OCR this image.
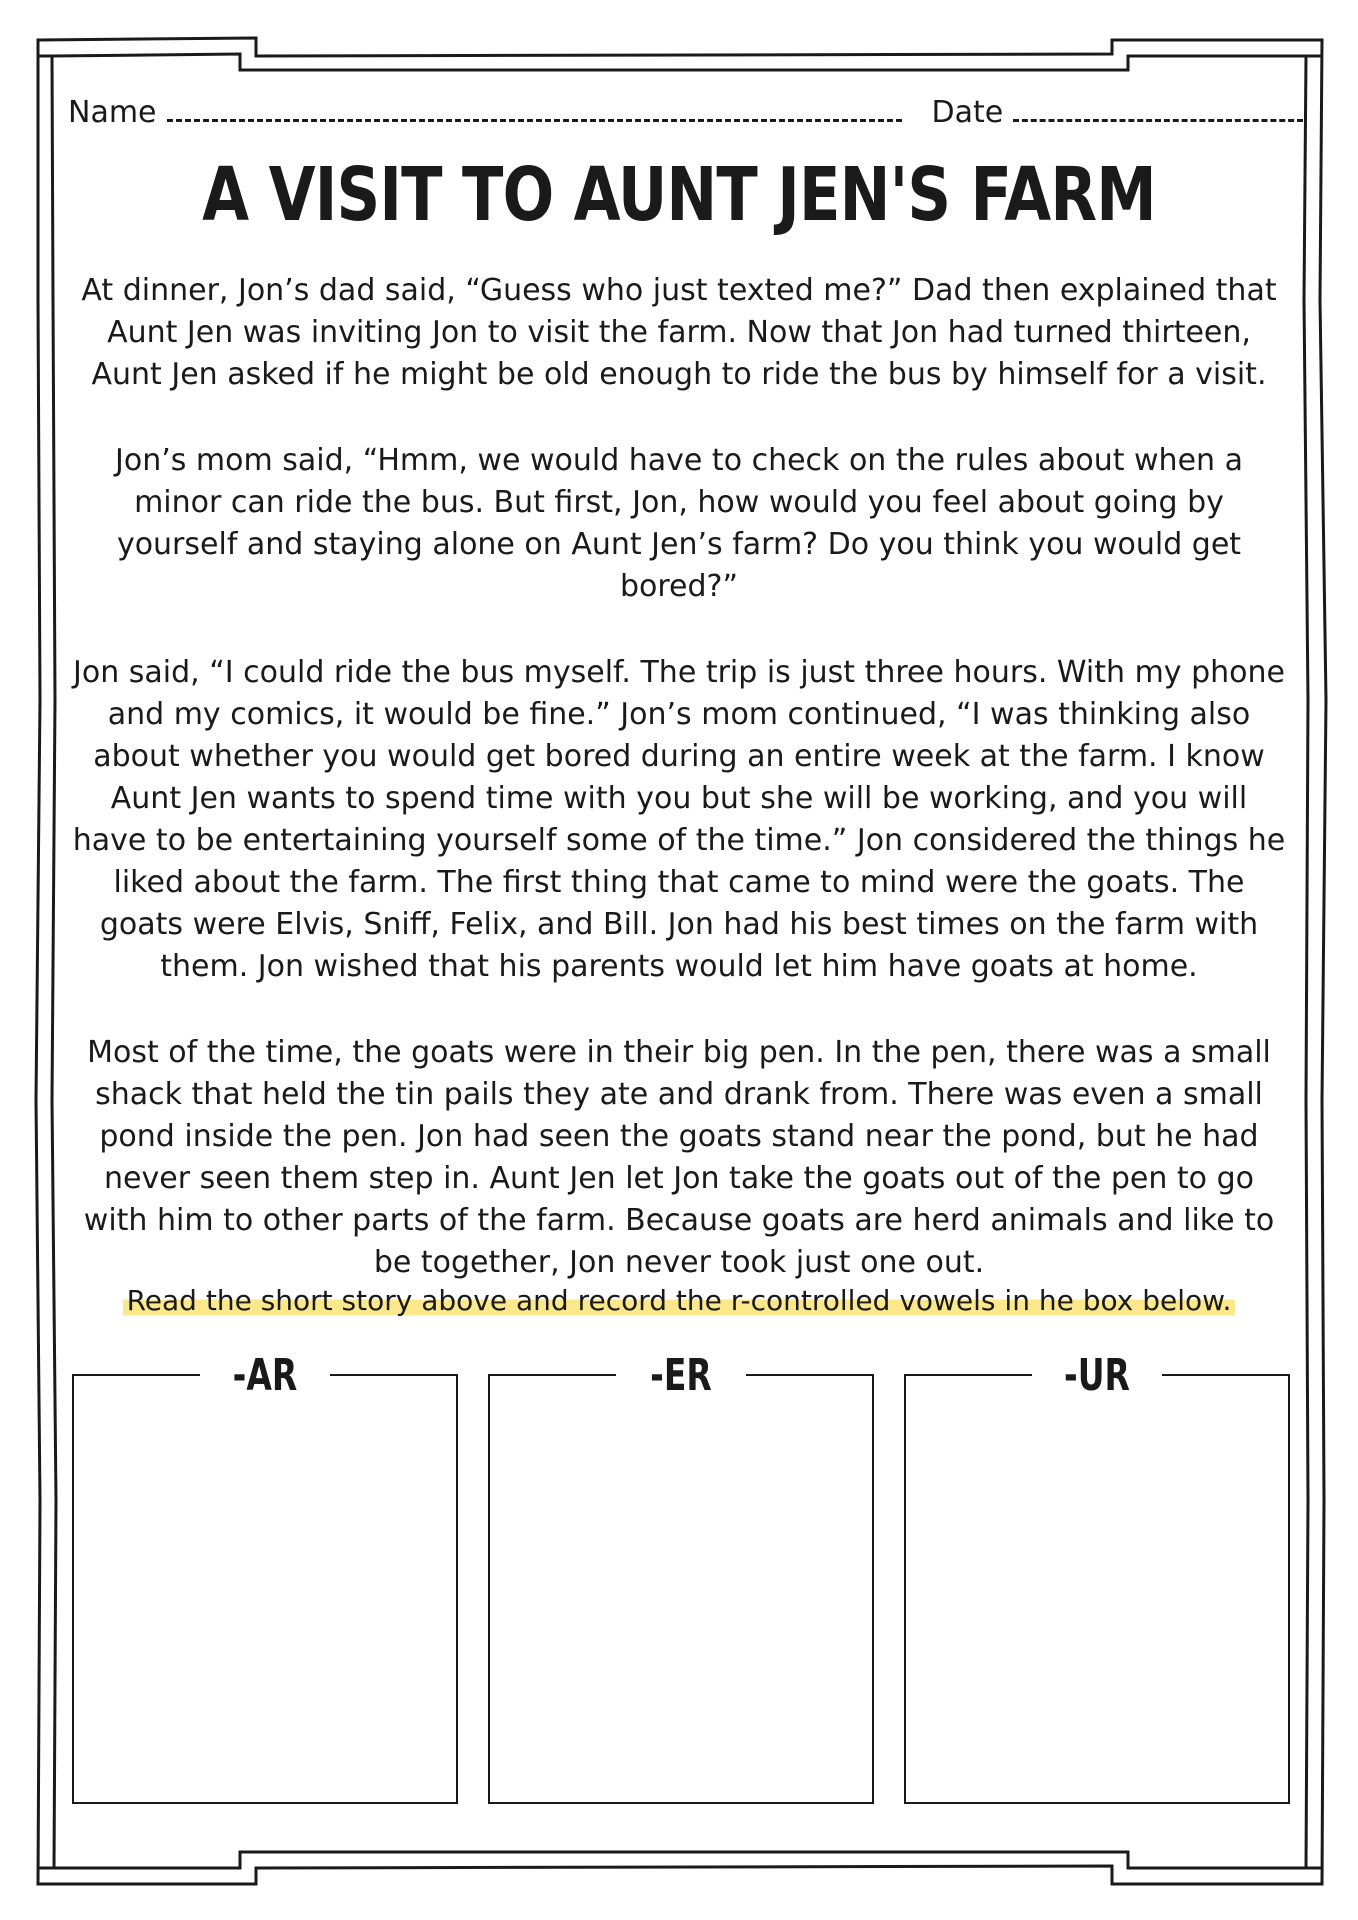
Name	Date
A VISIT TO AUNT JEN'S FARM

At dinner, Jon’s dad said, “Guess who just texted me?” Dad then explained that Aunt Jen was inviting Jon to visit the farm. Now that Jon had turned thirteen, Aunt Jen asked if he might be old enough to ride the bus by himself for a visit.

Jon’s mom said, “Hmm, we would have to check on the rules about when a minor can ride the bus. But first, Jon, how would you feel about going by yourself and staying alone on Aunt Jen’s farm? Do you think you would get bored?”

Jon said, “I could ride the bus myself. The trip is just three hours. With my phone and my comics, it would be fine.” Jon’s mom continued, “I was thinking also about whether you would get bored during an entire week at the farm. I know Aunt Jen wants to spend time with you but she will be working, and you will have to be entertaining yourself some of the time.” Jon considered the things he liked about the farm. The first thing that came to mind were the goats. The goats were Elvis, Sniff, Felix, and Bill. Jon had his best times on the farm with them. Jon wished that his parents would let him have goats at home.

Most of the time, the goats were in their big pen. In the pen, there was a small shack that held the tin pails they ate and drank from. There was even a small pond inside the pen. Jon had seen the goats stand near the pond, but he had never seen them step in. Aunt Jen let Jon take the goats out of the pen to go with him to other parts of the farm. Because goats are herd animals and like to be together, Jon never took just one out.

Read the short story above and record the r-controlled vowels in he box below.
-AR	-ER	-UR
